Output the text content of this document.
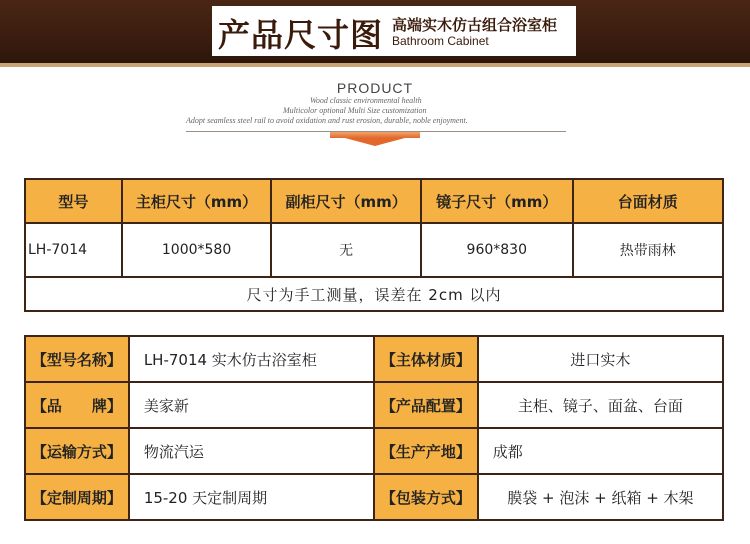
产品尺寸图 高端实木仿古组合浴室柜
Bathroom Cabinet
PRODUCT
Wood classic environmental health
Multicolor optional Multi Size customization
Adopt seamless steel rail to avoid oxidation and rust erosion, durable, noble enjoyment.
型号	主柜尺寸（mm）	副柜尺寸（mm）	镜子尺寸（mm）	台面材质
LH-7014	1000*580	无	960*830	热带雨林
尺寸为手工测量，误差在 2cm 以内				
【型号名称】	LH-7014 实木仿古浴室柜	【主体材质】	进口实木
【品　　牌】	美家新	【产品配置】	主柜、镜子、面盆、台面
【运输方式】	物流汽运	【生产产地】	成都
【定制周期】	15-20 天定制周期	【包装方式】	膜袋 + 泡沫 + 纸箱 + 木架
